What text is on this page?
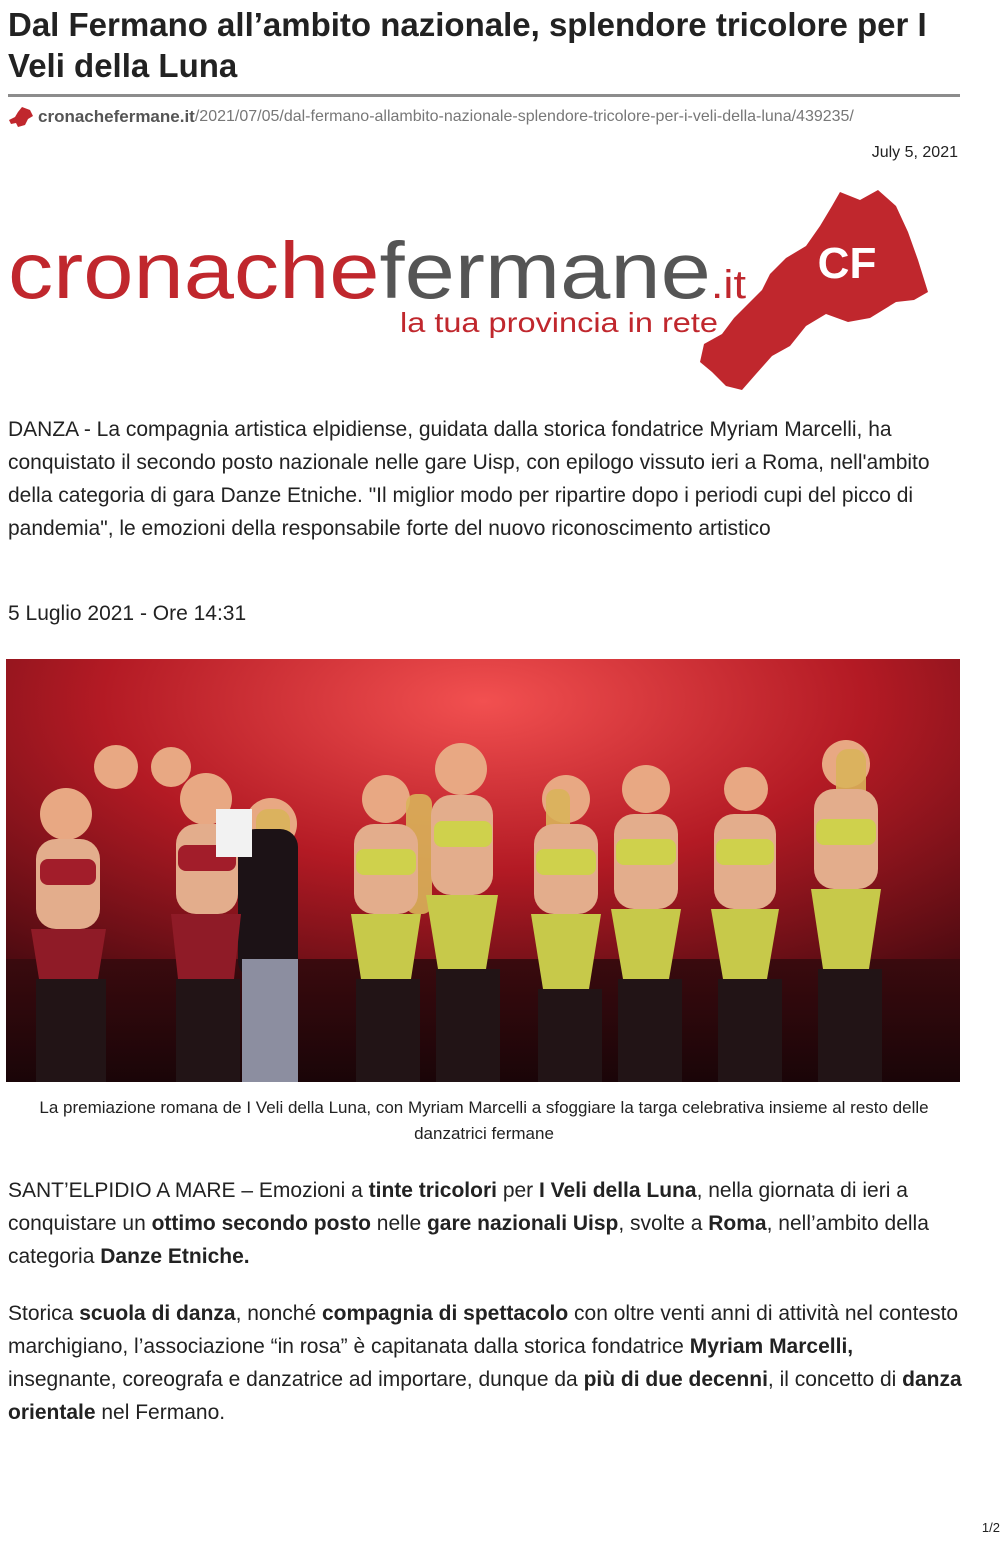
Dal Fermano all’ambito nazionale, splendore tricolore per I Veli della Luna
cronachefermane.it /2021/07/05/dal-fermano-allambito-nazionale-splendore-tricolore-per-i-veli-della-luna/439235/
July 5, 2021
cronache fermane .it
la tua provincia in rete
CF

DANZA - La compagnia artistica elpidiense, guidata dalla storica fondatrice Myriam Marcelli, ha conquistato il secondo posto nazionale nelle gare Uisp, con epilogo vissuto ieri a Roma, nell'ambito della categoria di gara Danze Etniche. "Il miglior modo per ripartire dopo i periodi cupi del picco di pandemia", le emozioni della responsabile forte del nuovo riconoscimento artistico

5 Luglio 2021 - Ore 14:31

La premiazione romana de I Veli della Luna, con Myriam Marcelli a sfoggiare la targa celebrativa insieme al resto delle danzatrici fermane

SANT’ELPIDIO A MARE – Emozioni a tinte tricolori per I Veli della Luna, nella giornata di ieri a conquistare un ottimo secondo posto nelle gare nazionali Uisp, svolte a Roma, nell’ambito della categoria Danze Etniche.

Storica scuola di danza, nonché compagnia di spettacolo con oltre venti anni di attività nel contesto marchigiano, l’associazione “in rosa” è capitanata dalla storica fondatrice Myriam Marcelli, insegnante, coreografa e danzatrice ad importare, dunque da più di due decenni, il concetto di danza orientale nel Fermano.

1/2
